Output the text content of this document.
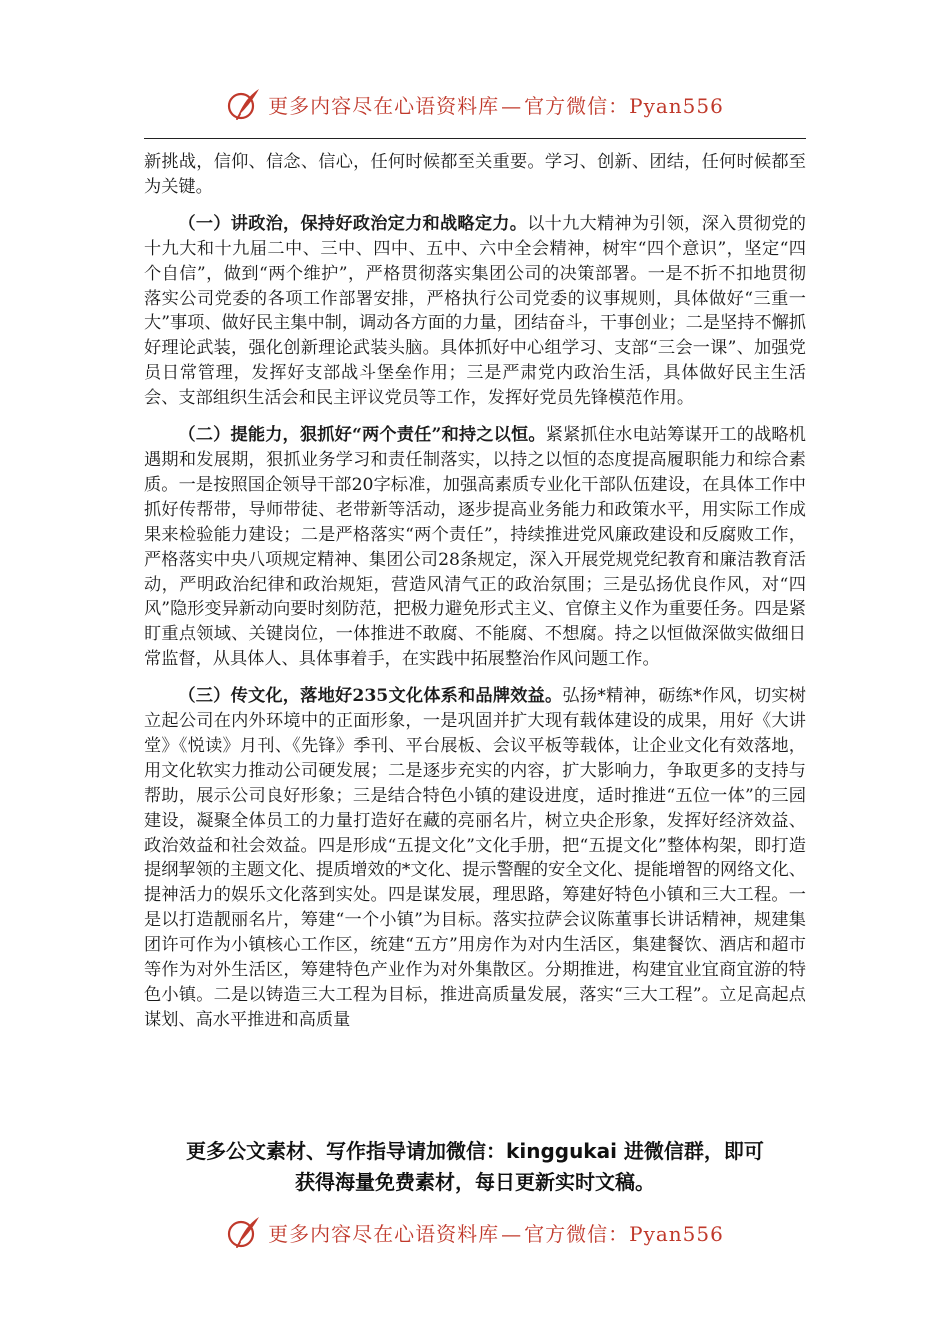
更多内容尽在心语资料库 — 官方微信：Pyan556

新挑战，信仰、信念、信心，任何时候都至关重要。学习、创新、团结，任何时候都至为关键。

（一）讲政治，保持好政治定力和战略定力。以十九大精神为引领，深入贯彻党的十九大和十九届二中、三中、四中、五中、六中全会精神，树牢“四个意识”，坚定“四个自信”，做到“两个维护”，严格贯彻落实集团公司的决策部署。一是不折不扣地贯彻落实公司党委的各项工作部署安排，严格执行公司党委的议事规则，具体做好“三重一大”事项、做好民主集中制，调动各方面的力量，团结奋斗，干事创业；二是坚持不懈抓好理论武装，强化创新理论武装头脑。具体抓好中心组学习、支部“三会一课”、加强党员日常管理，发挥好支部战斗堡垒作用；三是严肃党内政治生活，具体做好民主生活会、支部组织生活会和民主评议党员等工作，发挥好党员先锋模范作用。

（二）提能力，狠抓好“两个责任”和持之以恒。紧紧抓住水电站筹谋开工的战略机遇期和发展期，狠抓业务学习和责任制落实，以持之以恒的态度提高履职能力和综合素质。一是按照国企领导干部20字标准，加强高素质专业化干部队伍建设，在具体工作中抓好传帮带，导师带徒、老带新等活动，逐步提高业务能力和政策水平，用实际工作成果来检验能力建设；二是严格落实“两个责任”，持续推进党风廉政建设和反腐败工作，严格落实中央八项规定精神、集团公司28条规定，深入开展党规党纪教育和廉洁教育活动，严明政治纪律和政治规矩，营造风清气正的政治氛围；三是弘扬优良作风，对“四风”隐形变异新动向要时刻防范，把极力避免形式主义、官僚主义作为重要任务。四是紧盯重点领域、关键岗位，一体推进不敢腐、不能腐、不想腐。持之以恒做深做实做细日常监督，从具体人、具体事着手，在实践中拓展整治作风问题工作。

（三）传文化，落地好235文化体系和品牌效益。弘扬*精神，砺练*作风，切实树立起公司在内外环境中的正面形象，一是巩固并扩大现有载体建设的成果，用好《大讲堂》《悦读》月刊、《先锋》季刊、平台展板、会议平板等载体，让企业文化有效落地，用文化软实力推动公司硬发展；二是逐步充实的内容，扩大影响力，争取更多的支持与帮助，展示公司良好形象；三是结合特色小镇的建设进度，适时推进“五位一体”的三园建设，凝聚全体员工的力量打造好在藏的亮丽名片，树立央企形象，发挥好经济效益、政治效益和社会效益。四是形成“五提文化”文化手册，把“五提文化”整体构架，即打造提纲挈领的主题文化、提质增效的*文化、提示警醒的安全文化、提能增智的网络文化、提神活力的娱乐文化落到实处。四是谋发展，理思路，筹建好特色小镇和三大工程。一是以打造靓丽名片，筹建“一个小镇”为目标。落实拉萨会议陈董事长讲话精神，规建集团许可作为小镇核心工作区，统建“五方”用房作为对内生活区，集建餐饮、酒店和超市等作为对外生活区，筹建特色产业作为对外集散区。分期推进，构建宜业宜商宜游的特色小镇。二是以铸造三大工程为目标，推进高质量发展，落实“三大工程”。立足高起点谋划、高水平推进和高质量

更多公文素材、写作指导请加微信：kinggukai 进微信群，即可
获得海量免费素材，每日更新实时文稿。
更多内容尽在心语资料库 — 官方微信：Pyan556
